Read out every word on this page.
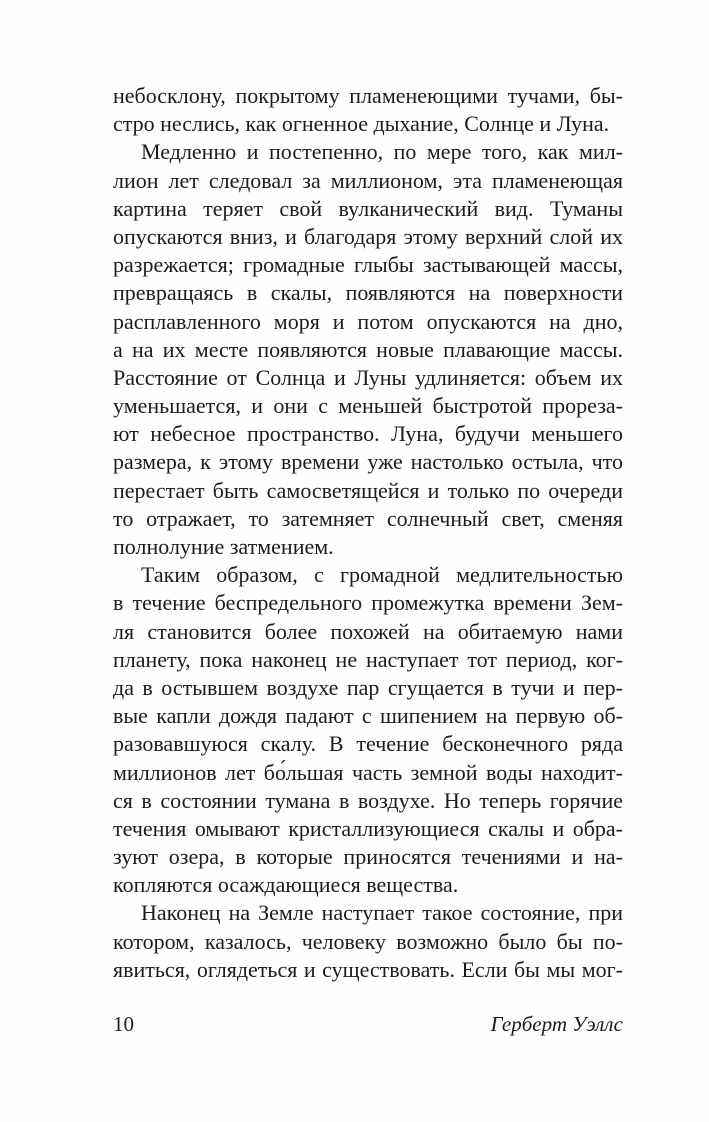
небосклону, покрытому пламенеющими тучами, бы-
стро неслись, как огненное дыхание, Солнце и Луна.
Медленно и постепенно, по мере того, как мил-
лион лет следовал за миллионом, эта пламенеющая
картина теряет свой вулканический вид. Туманы
опускаются вниз, и благодаря этому верхний слой их
разрежается; громадные глыбы застывающей массы,
превращаясь в скалы, появляются на поверхности
расплавленного моря и потом опускаются на дно,
а на их месте появляются новые плавающие массы.
Расстояние от Солнца и Луны удлиняется: объем их
уменьшается, и они с меньшей быстротой прореза-
ют небесное пространство. Луна, будучи меньшего
размера, к этому времени уже настолько остыла, что
перестает быть самосветящейся и только по очереди
то отражает, то затемняет солнечный свет, сменяя
полнолуние затмением.
Таким образом, с громадной медлительностью
в течение беспредельного промежутка времени Зем-
ля становится более похожей на обитаемую нами
планету, пока наконец не наступает тот период, ког-
да в остывшем воздухе пар сгущается в тучи и пер-
вые капли дождя падают с шипением на первую об-
разовавшуюся скалу. В течение бесконечного ряда
миллионов лет бо́льшая часть земной воды находит-
ся в состоянии тумана в воздухе. Но теперь горячие
течения омывают кристаллизующиеся скалы и обра-
зуют озера, в которые приносятся течениями и на-
копляются осаждающиеся вещества.
Наконец на Земле наступает такое состояние, при
котором, казалось, человеку возможно было бы по-
явиться, оглядеться и существовать. Если бы мы мог-
10	Герберт Уэллс
